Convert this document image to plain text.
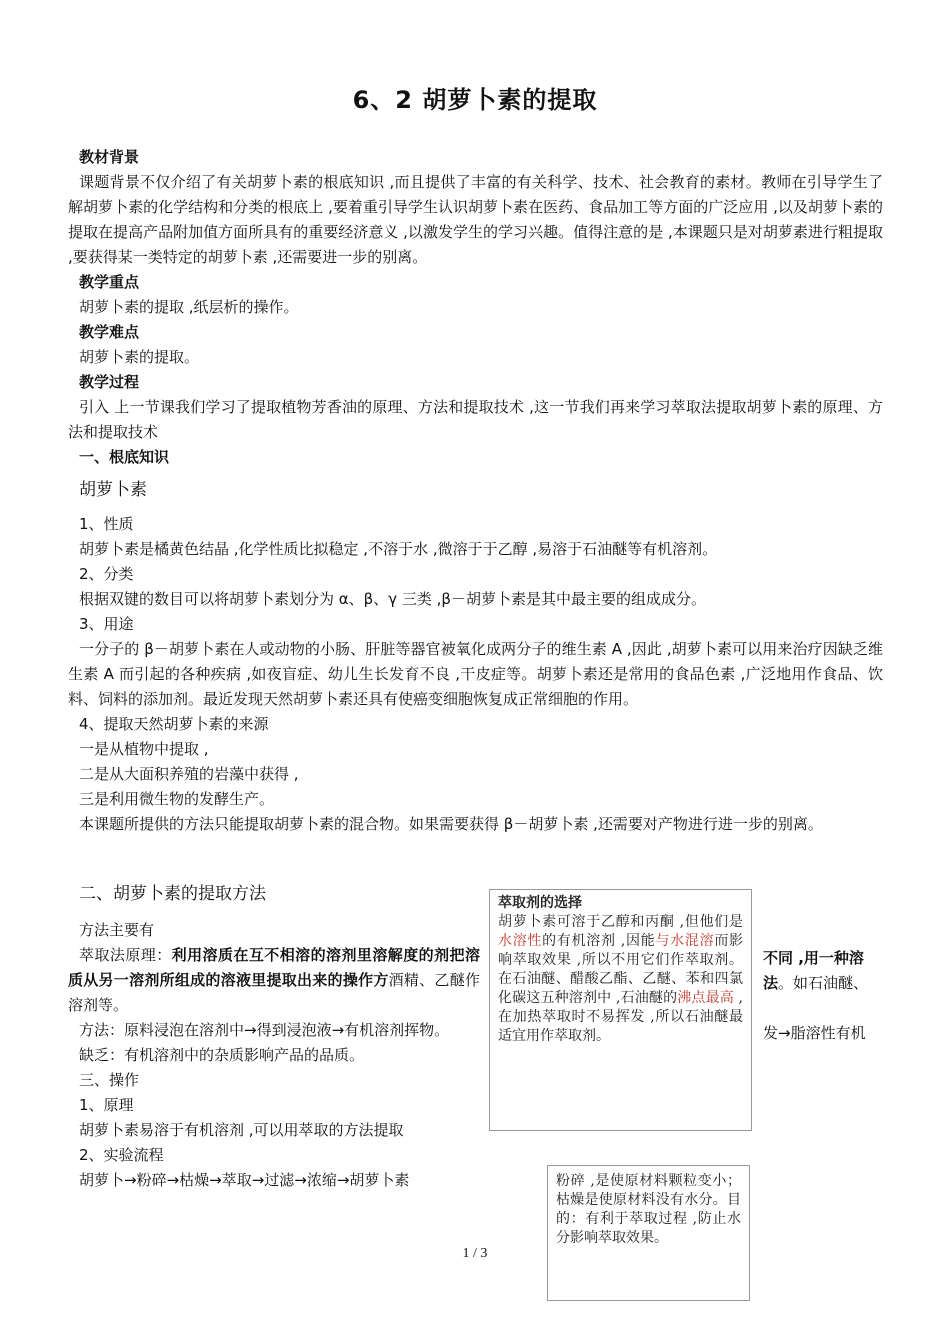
6、2 胡萝卜素的提取
教材背景
课题背景不仅介绍了有关胡萝卜素的根底知识 ,而且提供了丰富的有关科学、技术、社会教育的素材。教师在引导学生了解胡萝卜素的化学结构和分类的根底上 ,要着重引导学生认识胡萝卜素在医药、食品加工等方面的广泛应用 ,以及胡萝卜素的提取在提高产品附加值方面所具有的重要经济意义 ,以激发学生的学习兴趣。值得注意的是 ,本课题只是对胡萝素进行粗提取 ,要获得某一类特定的胡萝卜素 ,还需要进一步的别离。
教学重点
胡萝卜素的提取 ,纸层析的操作。
教学难点
胡萝卜素的提取。
教学过程
引入 上一节课我们学习了提取植物芳香油的原理、方法和提取技术 ,这一节我们再来学习萃取法提取胡萝卜素的原理、方法和提取技术
一、根底知识
胡萝卜素
1、性质
胡萝卜素是橘黄色结晶 ,化学性质比拟稳定 ,不溶于水 ,微溶于于乙醇 ,易溶于石油醚等有机溶剂。
2、分类
根据双键的数目可以将胡萝卜素划分为 α、β、γ 三类 ,β－胡萝卜素是其中最主要的组成成分。
3、用途
一分子的 β－胡萝卜素在人或动物的小肠、肝脏等器官被氧化成两分子的维生素 A ,因此 ,胡萝卜素可以用来治疗因缺乏维生素 A 而引起的各种疾病 ,如夜盲症、幼儿生长发育不良 ,干皮症等。胡萝卜素还是常用的食品色素 ,广泛地用作食品、饮料、饲料的添加剂。最近发现天然胡萝卜素还具有使癌变细胞恢复成正常细胞的作用。
4、提取天然胡萝卜素的来源
一是从植物中提取 ,
二是从大面积养殖的岩藻中获得 ,
三是利用微生物的发酵生产。
本课题所提供的方法只能提取胡萝卜素的混合物。如果需要获得 β－胡萝卜素 ,还需要对产物进行进一步的别离。
二、胡萝卜素的提取方法
方法主要有
萃取法原理：利用溶质在互不相溶的溶剂里溶解度的剂把溶质从另一溶剂所组成的溶液里提取出来的操作方酒精、乙醚作溶剂等。
方法：原料浸泡在溶剂中→得到浸泡液→有机溶剂挥物。
缺乏：有机溶剂中的杂质影响产品的品质。
三、操作
1、原理
胡萝卜素易溶于有机溶剂 ,可以用萃取的方法提取
2、实验流程
胡萝卜→粉碎→枯燥→萃取→过滤→浓缩→胡萝卜素
不同 ,用一种溶
法。如石油醚、
发→脂溶性有机
萃取剂的选择
胡萝卜素可溶于乙醇和丙酮 ,但他们是水溶性的有机溶剂 ,因能与水混溶而影响萃取效果 ,所以不用它们作萃取剂。在石油醚、醋酸乙酯、乙醚、苯和四氯化碳这五种溶剂中 ,石油醚的沸点最高 ,在加热萃取时不易挥发 ,所以石油醚最适宜用作萃取剂。
粉碎 ,是使原材料颗粒变小；枯燥是使原材料没有水分。目的：有利于萃取过程 ,防止水分影响萃取效果。
1 / 3
